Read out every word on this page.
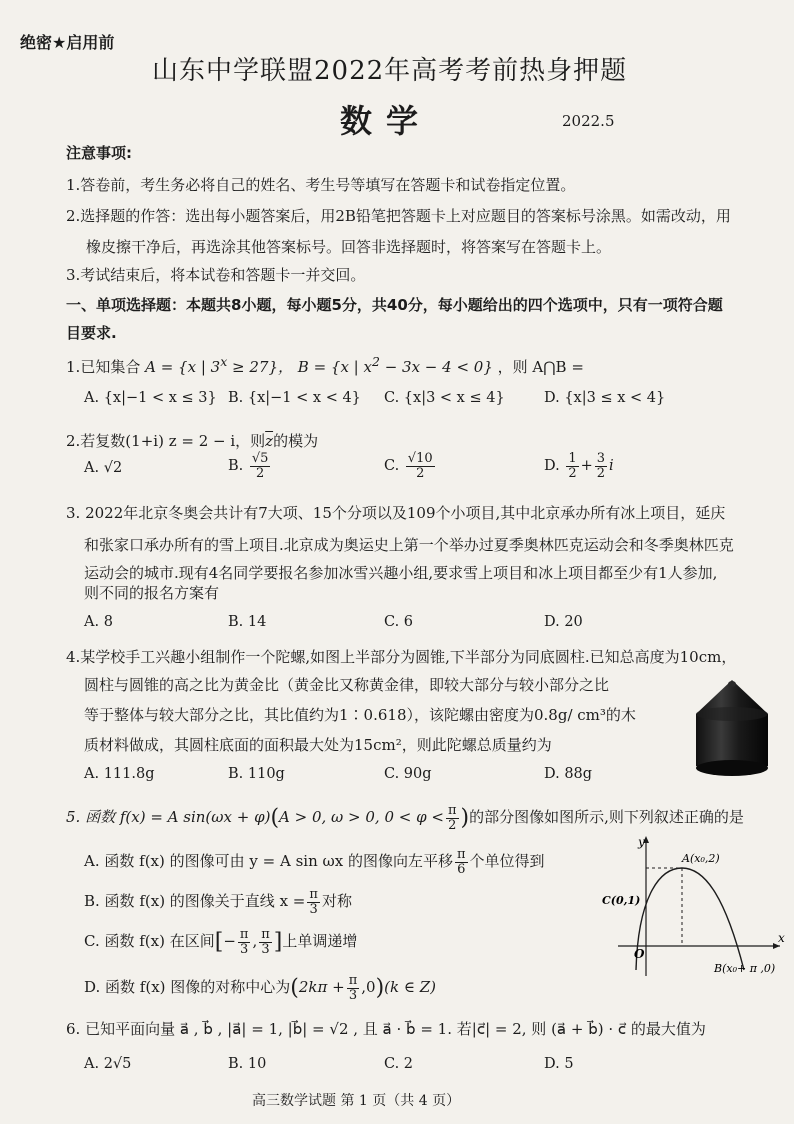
绝密★启用前
山东中学联盟2022年高考考前热身押题
数学	2022.5
注意事项:
1.答卷前，考生务必将自己的姓名、考生号等填写在答题卡和试卷指定位置。
2.选择题的作答：选出每小题答案后，用2B铅笔把答题卡上对应题目的答案标号涂黑。如需改动，用
橡皮擦干净后，再选涂其他答案标号。回答非选择题时，将答案写在答题卡上。
3.考试结束后，将本试卷和答题卡一并交回。
一、单项选择题：本题共8小题，每小题5分，共40分，每小题给出的四个选项中，只有一项符合题
目要求.
1.已知集合 A = {x | $3^x \ge 27$}， B = {x | $x^2 - 3x - 4 < 0$} ，则 A⋂B =
A. {x|−1 < x ≤ 3} B. {x|−1 < x < 4} C. {x|3 < x ≤ 4}	D. {x|3 ≤ x < 4}
2.若复数(1+i) z = 2 − i，则$\overline{z}$的模为
A. √2	B. $\frac{√5}{2}$	C. $\frac{√10}{2}$	D. $\frac{1}{2} + \frac{3}{2}$ i
3. 2022年北京冬奥会共计有7大项、15个分项以及109个小项目,其中北京承办所有冰上项目，延庆
和张家口承办所有的雪上项目.北京成为奥运史上第一个举办过夏季奥林匹克运动会和冬季奥林匹克
运动会的城市.现有4名同学要报名参加冰雪兴趣小组,要求雪上项目和冰上项目都至少有1人参加,
则不同的报名方案有
A. 8	B. 14	C. 6	D. 20
4.某学校手工兴趣小组制作一个陀螺,如图上半部分为圆锥,下半部分为同底圆柱.已知总高度为10cm，
圆柱与圆锥的高之比为黄金比（黄金比又称黄金律，即较大部分与较小部分之比
等于整体与较大部分之比，其比值约为1∶0.618），该陀螺由密度为0.8g/ cm³的木
质材料做成，其圆柱底面的面积最大处为15cm²，则此陀螺总质量约为
A. 111.8g	B. 110g	C. 90g	D. 88g
5. 函数 f(x) = A sin(ωx + φ)(A > 0, ω > 0, $0 < \varphi < \frac{\pi}{2}$ )的部分图像如图所示,则下列叙述正确的是
A. 函数 f(x) 的图像可由 y = A sin ωx 的图像向左平移 $\frac{\pi}{6}$ 个单位得到
B. 函数 f(x) 的图像关于直线 $x = \frac{\pi}{3}$ 对称
C. 函数 f(x) 在区间[− $\frac{\pi}{3}$ , $\frac{\pi}{3}$ ]上单调递增
D. 函数 f(x) 图像的对称中心为$(2k\pi + \frac{\pi}{3} ,0)(k$ ∈ Z)
y
x
O
A(x₀,2)
C(0,1)
B(x₀+ π ,0)
6. 已知平面向量 a⃗ , b⃗ , |a⃗| = 1, |b⃗| = √2 , 且 a⃗ · b⃗ = 1. 若|c⃗| = 2, 则 (a⃗ + b⃗) · c⃗ 的最大值为
A. 2√5	B. 10	C. 2	D. 5
高三数学试题 第 1 页（共 4 页）
